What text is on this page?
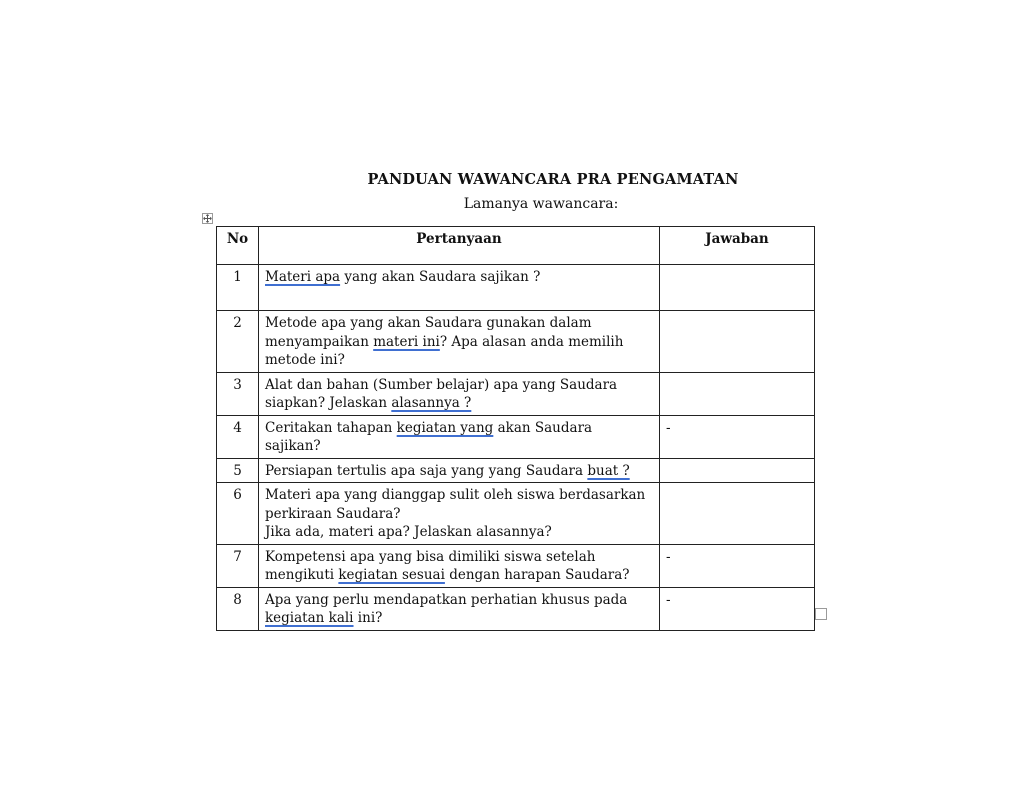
PANDUAN WAWANCARA PRA PENGAMATAN
Lamanya wawancara:
No	Pertanyaan	Jawaban
1	Materi apa yang akan Saudara sajikan ?	

2	Metode apa yang akan Saudara gunakan dalam
menyampaikan materi ini? Apa alasan anda memilih
metode ini?	

3	Alat dan bahan (Sumber belajar) apa yang Saudara
siapkan? Jelaskan alasannya ?	

4	Ceritakan tahapan kegiatan yang akan Saudara
sajikan?	-
5	Persiapan tertulis apa saja yang yang Saudara buat ?	

6	Materi apa yang dianggap sulit oleh siswa berdasarkan
perkiraan Saudara?
Jika ada, materi apa? Jelaskan alasannya?	

7	Kompetensi apa yang bisa dimiliki siswa setelah
mengikuti kegiatan sesuai dengan harapan Saudara?	-
8	Apa yang perlu mendapatkan perhatian khusus pada
kegiatan kali ini?	-
